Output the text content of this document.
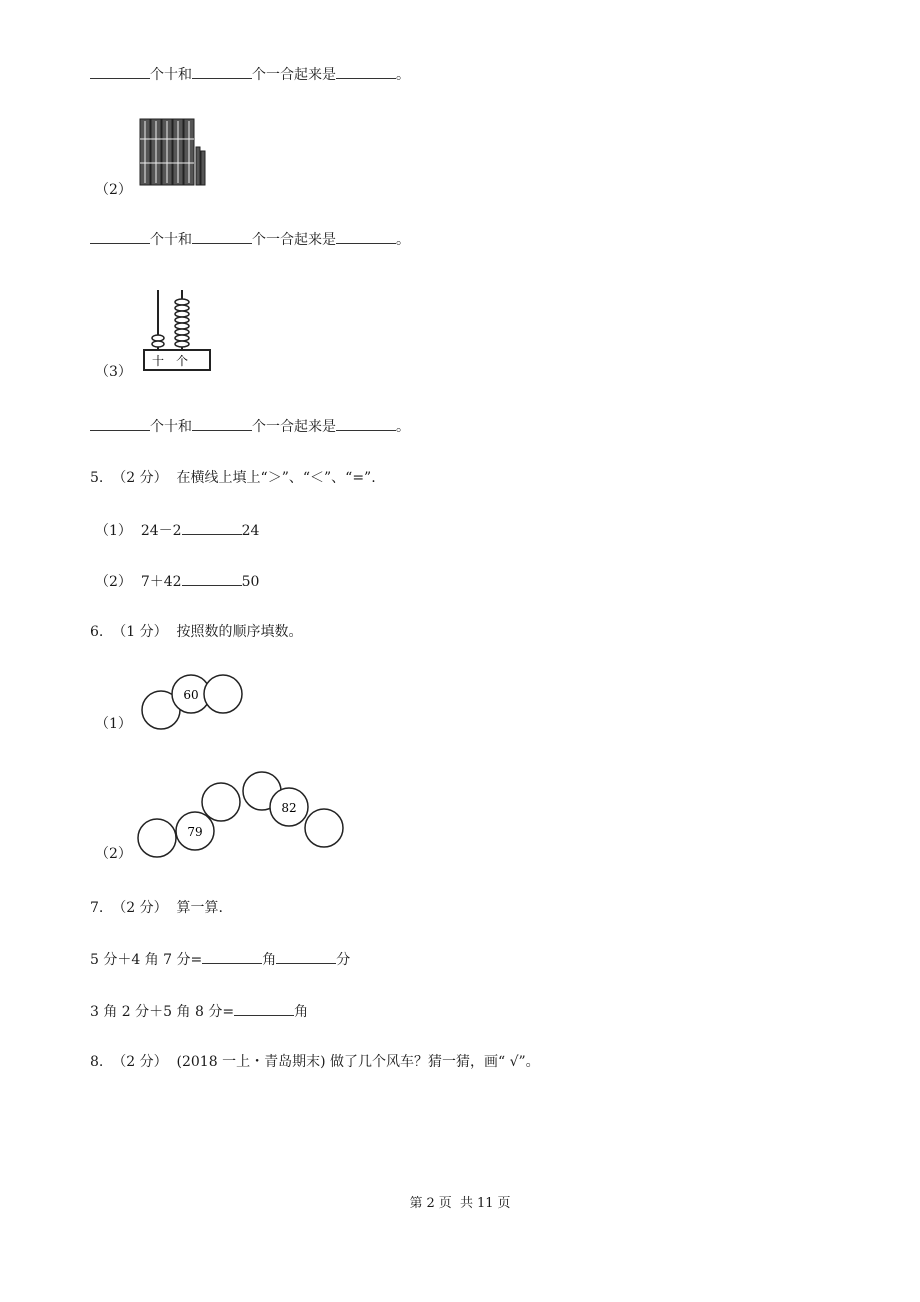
个十和	个一合起来是	。
（2）
个十和	个一合起来是	。
（3）
十 个
个十和	个一合起来是	。
5. （2 分） 在横线上填上“＞”、“＜”、“=”.
（1） 24－2	24
（2） 7＋42	50
6. （1 分） 按照数的顺序填数。
（1）
60
（2）
79
82
7. （2 分） 算一算.
5 分＋4 角 7 分=	角	分
3 角 2 分＋5 角 8 分=	角
8. （2 分） (2018 一上・青岛期末) 做了几个风车？猜一猜，画“ √”。
第 2 页 共 11 页
